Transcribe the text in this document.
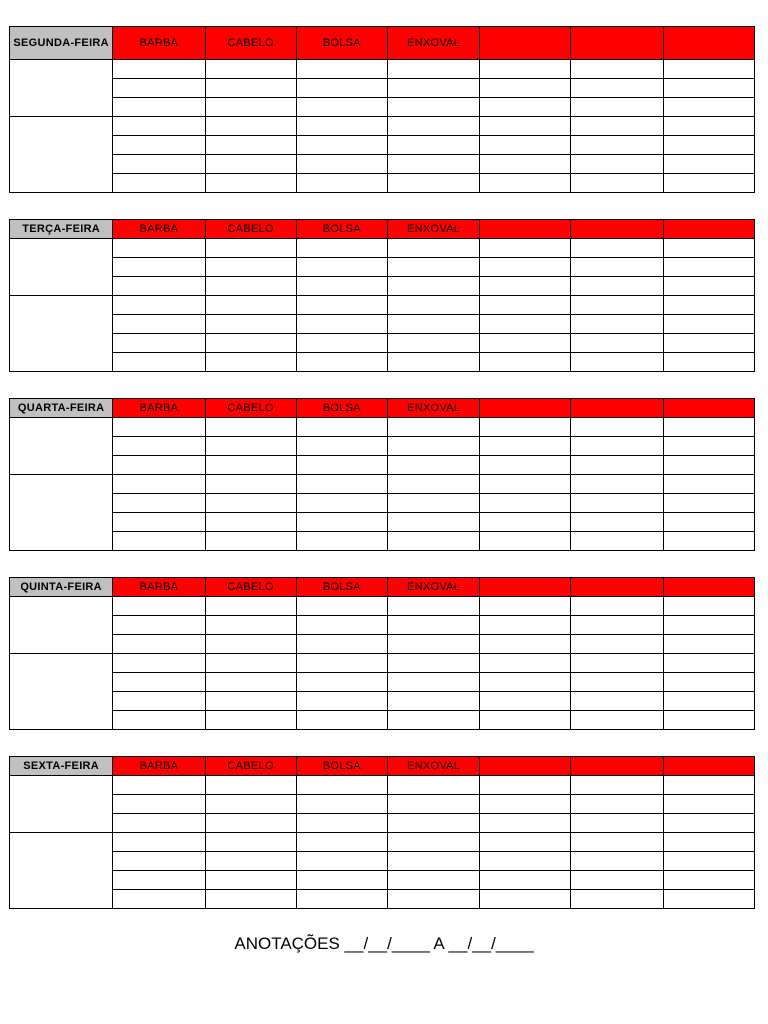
SEGUNDA-FEIRA	BARBA	CABELO	BOLSA	ENXOVAL			

TERÇA-FEIRA	BARBA	CABELO	BOLSA	ENXOVAL			

QUARTA-FEIRA	BARBA	CABELO	BOLSA	ENXOVAL			

QUINTA-FEIRA	BARBA	CABELO	BOLSA	ENXOVAL			

SEXTA-FEIRA	BARBA	CABELO	BOLSA	ENXOVAL			

ANOTAÇÕES __/__/____ A __/__/____
